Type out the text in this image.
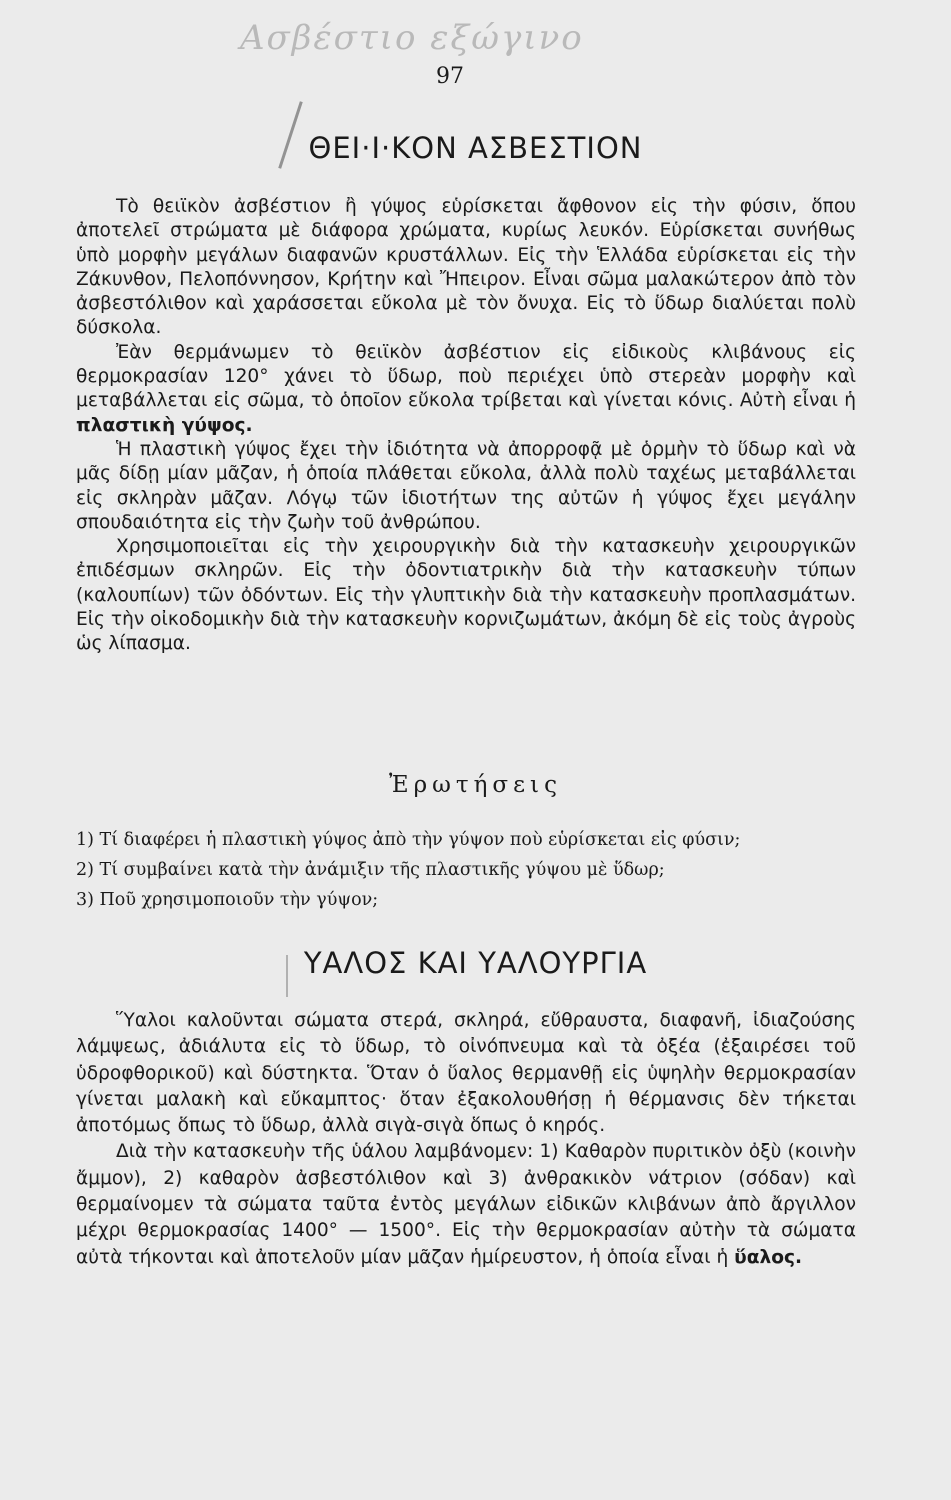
Ασβέστιο εξώγινο
97
ΘΕΙ·Ι·ΚΟΝ ΑΣΒΕΣΤΙΟΝ

Τὸ θειϊκὸν ἀσβέστιον ἢ γύψος εὑρίσκεται ἄφθονον εἰς τὴν φύσιν, ὅπου ἀποτελεῖ στρώματα μὲ διάφορα χρώματα, κυρίως λευκόν. Εὑρίσκεται συνήθως ὑπὸ μορφὴν μεγάλων διαφανῶν κρυστάλλων. Εἰς τὴν Ἑλλάδα εὑρίσκεται εἰς τὴν Ζάκυνθον, Πελοπόννησον, Κρήτην καὶ Ἤπειρον. Εἶναι σῶμα μαλακώτερον ἀπὸ τὸν ἀσβεστόλιθον καὶ χαράσσεται εὔκολα μὲ τὸν ὄνυχα. Εἰς τὸ ὕδωρ διαλύεται πολὺ δύσκολα.

Ἐὰν θερμάνωμεν τὸ θειϊκὸν ἀσβέστιον εἰς εἰδικοὺς κλιβάνους εἰς θερμοκρασίαν 120° χάνει τὸ ὕδωρ, ποὺ περιέχει ὑπὸ στερεὰν μορφὴν καὶ μεταβάλλεται εἰς σῶμα, τὸ ὁποῖον εὔκολα τρίβεται καὶ γίνεται κόνις. Αὐτὴ εἶναι ἡ πλαστικὴ γύψος.

Ἡ πλαστικὴ γύψος ἔχει τὴν ἰδιότητα νὰ ἀπορροφᾷ μὲ ὁρμὴν τὸ ὕδωρ καὶ νὰ μᾶς δίδῃ μίαν μᾶζαν, ἡ ὁποία πλάθεται εὔκολα, ἀλλὰ πολὺ ταχέως μεταβάλλεται εἰς σκληρὰν μᾶζαν. Λόγῳ τῶν ἰδιοτήτων της αὐτῶν ἡ γύψος ἔχει μεγάλην σπουδαιότητα εἰς τὴν ζωὴν τοῦ ἀνθρώπου.

Χρησιμοποιεῖται εἰς τὴν χειρουργικὴν διὰ τὴν κατασκευὴν χειρουργικῶν ἐπιδέσμων σκληρῶν. Εἰς τὴν ὀδοντιατρικὴν διὰ τὴν κατασκευὴν τύπων (καλουπίων) τῶν ὀδόντων. Εἰς τὴν γλυπτικὴν διὰ τὴν κατασκευὴν προπλασμάτων. Εἰς τὴν οἰκοδομικὴν διὰ τὴν κατασκευὴν κορνιζωμάτων, ἀκόμη δὲ εἰς τοὺς ἀγροὺς ὡς λίπασμα.

Ἐρωτήσεις
1) Τί διαφέρει ἡ πλαστικὴ γύψος ἀπὸ τὴν γύψον ποὺ εὑρίσκεται εἰς φύσιν;
2) Τί συμβαίνει κατὰ τὴν ἀνάμιξιν τῆς πλαστικῆς γύψου μὲ ὕδωρ;
3) Ποῦ χρησιμοποιοῦν τὴν γύψον;
ΥΑΛΟΣ ΚΑΙ ΥΑΛΟΥΡΓΙΑ

Ὕαλοι καλοῦνται σώματα στερά, σκληρά, εὔθραυστα, διαφανῆ, ἰδιαζούσης λάμψεως, ἀδιάλυτα εἰς τὸ ὕδωρ, τὸ οἰνόπνευμα καὶ τὰ ὀξέα (ἐξαιρέσει τοῦ ὑδροφθορικοῦ) καὶ δύστηκτα. Ὅταν ὁ ὕαλος θερμανθῇ εἰς ὑψηλὴν θερμοκρασίαν γίνεται μαλακὴ καὶ εὔκαμπτος· ὅταν ἐξακολουθήσῃ ἡ θέρμανσις δὲν τήκεται ἀποτόμως ὅπως τὸ ὕδωρ, ἀλλὰ σιγὰ-σιγὰ ὅπως ὁ κηρός.

Διὰ τὴν κατασκευὴν τῆς ὑάλου λαμβάνομεν: 1) Καθαρὸν πυριτικὸν ὀξὺ (κοινὴν ἄμμον), 2) καθαρὸν ἀσβεστόλιθον καὶ 3) ἀνθρακικὸν νάτριον (σόδαν) καὶ θερμαίνομεν τὰ σώματα ταῦτα ἐντὸς μεγάλων εἰδικῶν κλιβάνων ἀπὸ ἄργιλλον μέχρι θερμοκρασίας 1400° — 1500°. Εἰς τὴν θερμοκρασίαν αὐτὴν τὰ σώματα αὐτὰ τήκονται καὶ ἀποτελοῦν μίαν μᾶζαν ἡμίρευστον, ἡ ὁποία εἶναι ἡ ὕαλος.
